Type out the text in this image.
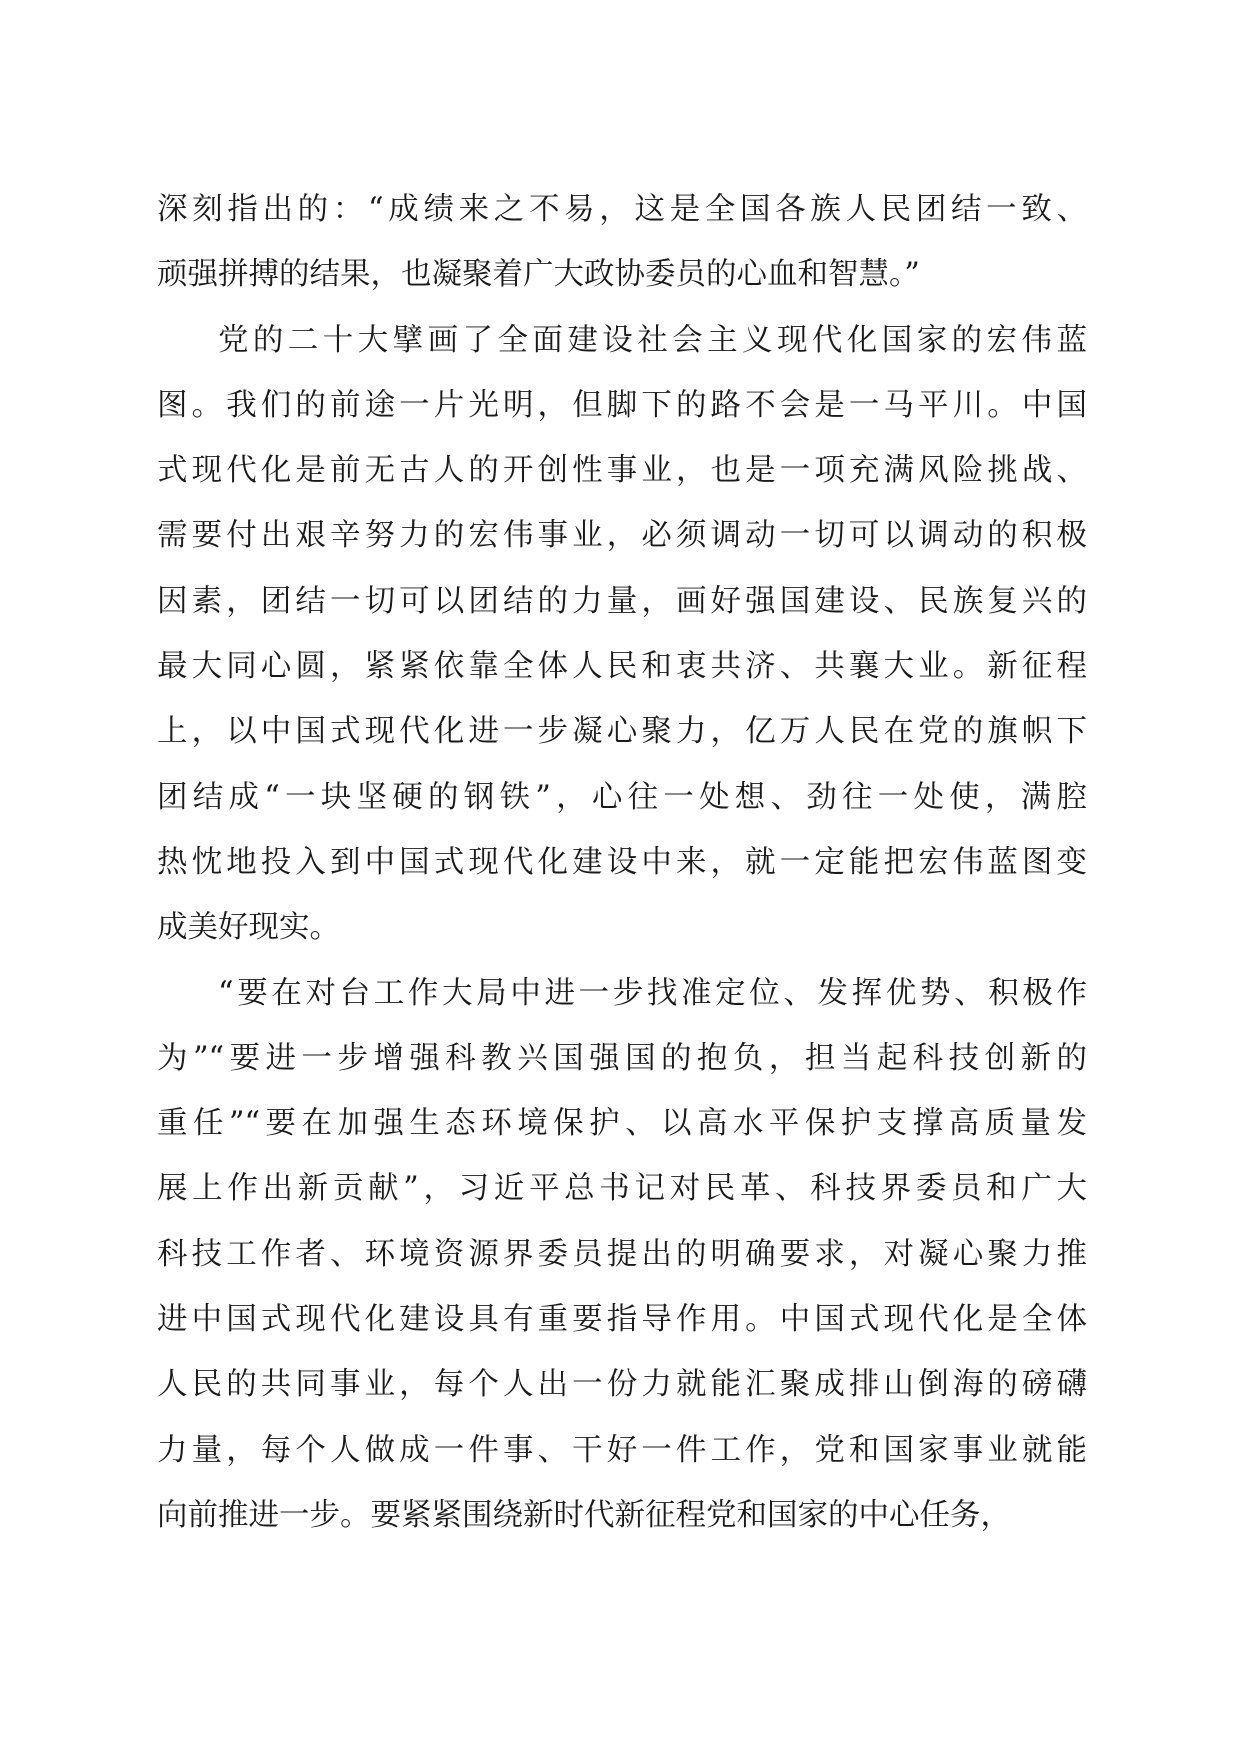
深刻指出的：“成绩来之不易，这是全国各族人民团结一致、
顽强拼搏的结果，也凝聚着广大政协委员的心血和智慧。”
党的二十大擘画了全面建设社会主义现代化国家的宏伟蓝
图。我们的前途一片光明，但脚下的路不会是一马平川。中国
式现代化是前无古人的开创性事业，也是一项充满风险挑战、
需要付出艰辛努力的宏伟事业，必须调动一切可以调动的积极
因素，团结一切可以团结的力量，画好强国建设、民族复兴的
最大同心圆，紧紧依靠全体人民和衷共济、共襄大业。新征程
上，以中国式现代化进一步凝心聚力，亿万人民在党的旗帜下
团结成“一块坚硬的钢铁”，心往一处想、劲往一处使，满腔
热忱地投入到中国式现代化建设中来，就一定能把宏伟蓝图变
成美好现实。
“要在对台工作大局中进一步找准定位、发挥优势、积极作
为”“要进一步增强科教兴国强国的抱负，担当起科技创新的
重任”“要在加强生态环境保护、以高水平保护支撑高质量发
展上作出新贡献”，习近平总书记对民革、科技界委员和广大
科技工作者、环境资源界委员提出的明确要求，对凝心聚力推
进中国式现代化建设具有重要指导作用。中国式现代化是全体
人民的共同事业，每个人出一份力就能汇聚成排山倒海的磅礴
力量，每个人做成一件事、干好一件工作，党和国家事业就能
向前推进一步。要紧紧围绕新时代新征程党和国家的中心任务，
